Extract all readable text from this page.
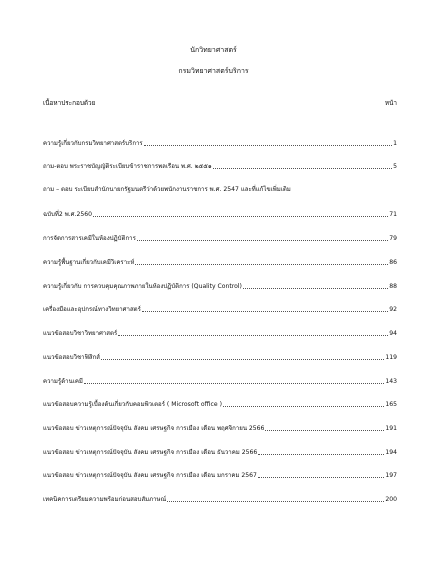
นักวิทยาศาสตร์
กรมวิทยาศาสตร์บริการ
เนื้อหาประกอบด้วย	หน้า
ความรู้เกี่ยวกับกรมวิทยาศาสตร์บริการ	1
ถาม-ตอบ พระราชบัญญัติระเบียบข้าราชการพลเรือน พ.ศ. ๒๕๕๑	5
ถาม – ตอบ ระเบียบสำนักนายกรัฐมนตรีว่าด้วยพนักงานราชการ พ.ศ. 2547 และที่แก้ไขเพิ่มเติม
ฉบับที่2 พ.ศ.2560	71
การจัดการสารเคมีในห้องปฏิบัติการ	79
ความรู้พื้นฐานเกี่ยวกับเคมีวิเคราะห์	86
ความรู้เกี่ยวกับ การควบคุมคุณภาพภายในห้องปฏิบัติการ (Quality Control)	88
เครื่องมือและอุปกรณ์ทางวิทยาศาสตร์	92
แนวข้อสอบวิชาวิทยาศาสตร์	94
แนวข้อสอบวิชาฟิสิกส์	119
ความรู้ด้านเคมี	143
แนวข้อสอบความรู้เบื้องต้นเกี่ยวกับคอมพิวเตอร์ ( Microsoft office )	165
แนวข้อสอบ ข่าวเหตุการณ์ปัจจุบัน สังคม เศรษฐกิจ การเมือง เดือน พฤศจิกายน 2566	191
แนวข้อสอบ ข่าวเหตุการณ์ปัจจุบัน สังคม เศรษฐกิจ การเมือง เดือน ธันวาคม 2566	194
แนวข้อสอบ ข่าวเหตุการณ์ปัจจุบัน สังคม เศรษฐกิจ การเมือง เดือน มกราคม 2567	197
เทคนิคการเตรียมความพร้อมก่อนสอบสัมภาษณ์	200
